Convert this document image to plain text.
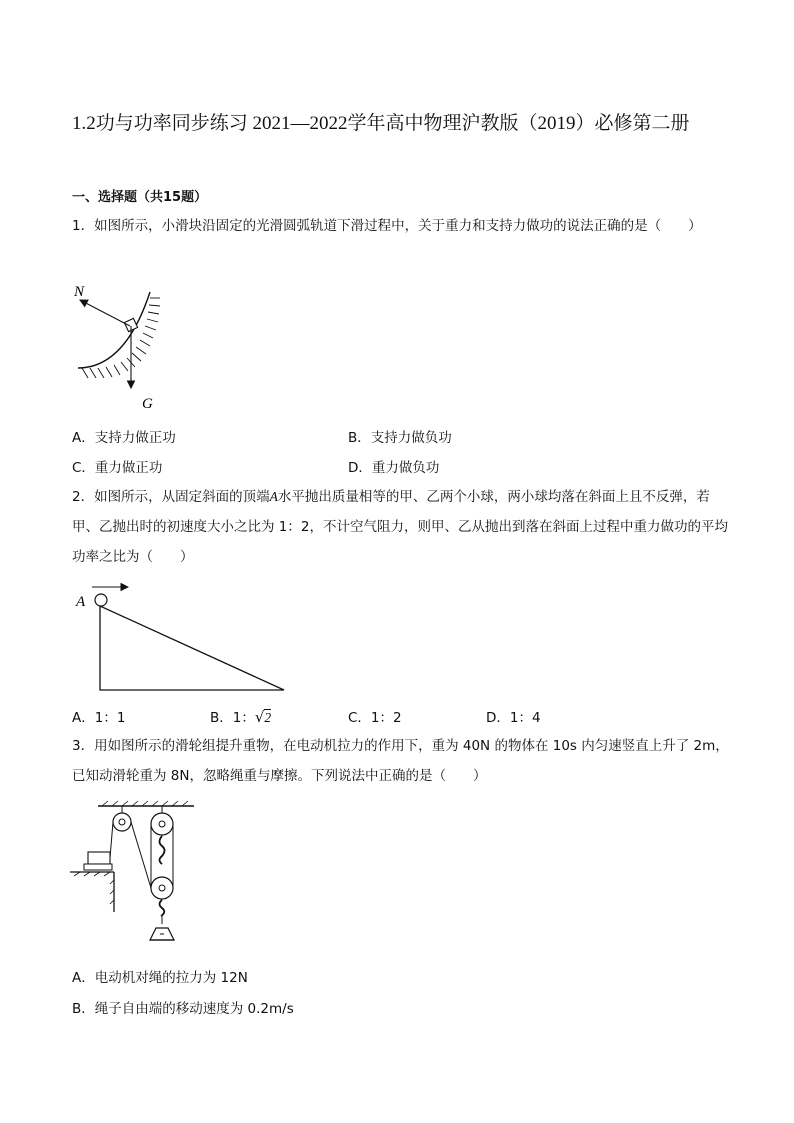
1.2功与功率同步练习 2021—2022学年高中物理沪教版（2019）必修第二册
一、选择题（共15题）
1．如图所示，小滑块沿固定的光滑圆弧轨道下滑过程中，关于重力和支持力做功的说法正确的是（　　）
N
G
A．支持力做正功	B．支持力做负功
C．重力做正功	D．重力做负功
2．如图所示，从固定斜面的顶端A水平抛出质量相等的甲、乙两个小球，两小球均落在斜面上且不反弹，若甲、乙抛出时的初速度大小之比为 1：2，不计空气阻力，则甲、乙从抛出到落在斜面上过程中重力做功的平均功率之比为（　　）
A
A．1：1	B．1：√2	C．1：2	D．1：4
3．用如图所示的滑轮组提升重物，在电动机拉力的作用下，重为 40N 的物体在 10s 内匀速竖直上升了 2m，已知动滑轮重为 8N，忽略绳重与摩擦。下列说法中正确的是（　　）
A．电动机对绳的拉力为 12N
B．绳子自由端的移动速度为 0.2m/s
